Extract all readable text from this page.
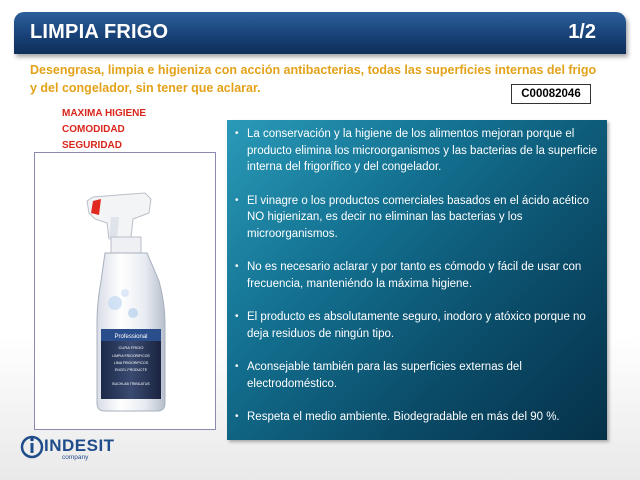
LIMPIA FRIGO	1/2
Desengrasa, limpia e higieniza con acción antibacterias, todas las superficies internas del frigo y del congelador, sin tener que aclarar.	C00082046
MAXIMA HIGIENE
COMODIDAD
SEGURIDAD
Professional
CURA FRIGO
LIMPIA FRIGORIFICOS
LIMA FRIGORIFICOS
ENCEL PRODUCTE
BUCHLAB TRIBILATUS
• La conservación y la higiene de los alimentos mejoran porque el producto elimina los microorganismos y las bacterias de la superficie interna del frigorífico y del congelador.
• El vinagre o los productos comerciales basados en el ácido acético NO higienizan, es decir no eliminan las bacterias y los microorganismos.
• No es necesario aclarar y por tanto es cómodo y fácil de usar con frecuencia, manteniéndo la máxima higiene.
• El producto es absolutamente seguro, inodoro y atóxico porque no deja residuos de ningún tipo.
• Aconsejable también para las superficies externas del electrodoméstico.
• Respeta el medio ambiente. Biodegradable en más del 90 %.
INDESIT
company
